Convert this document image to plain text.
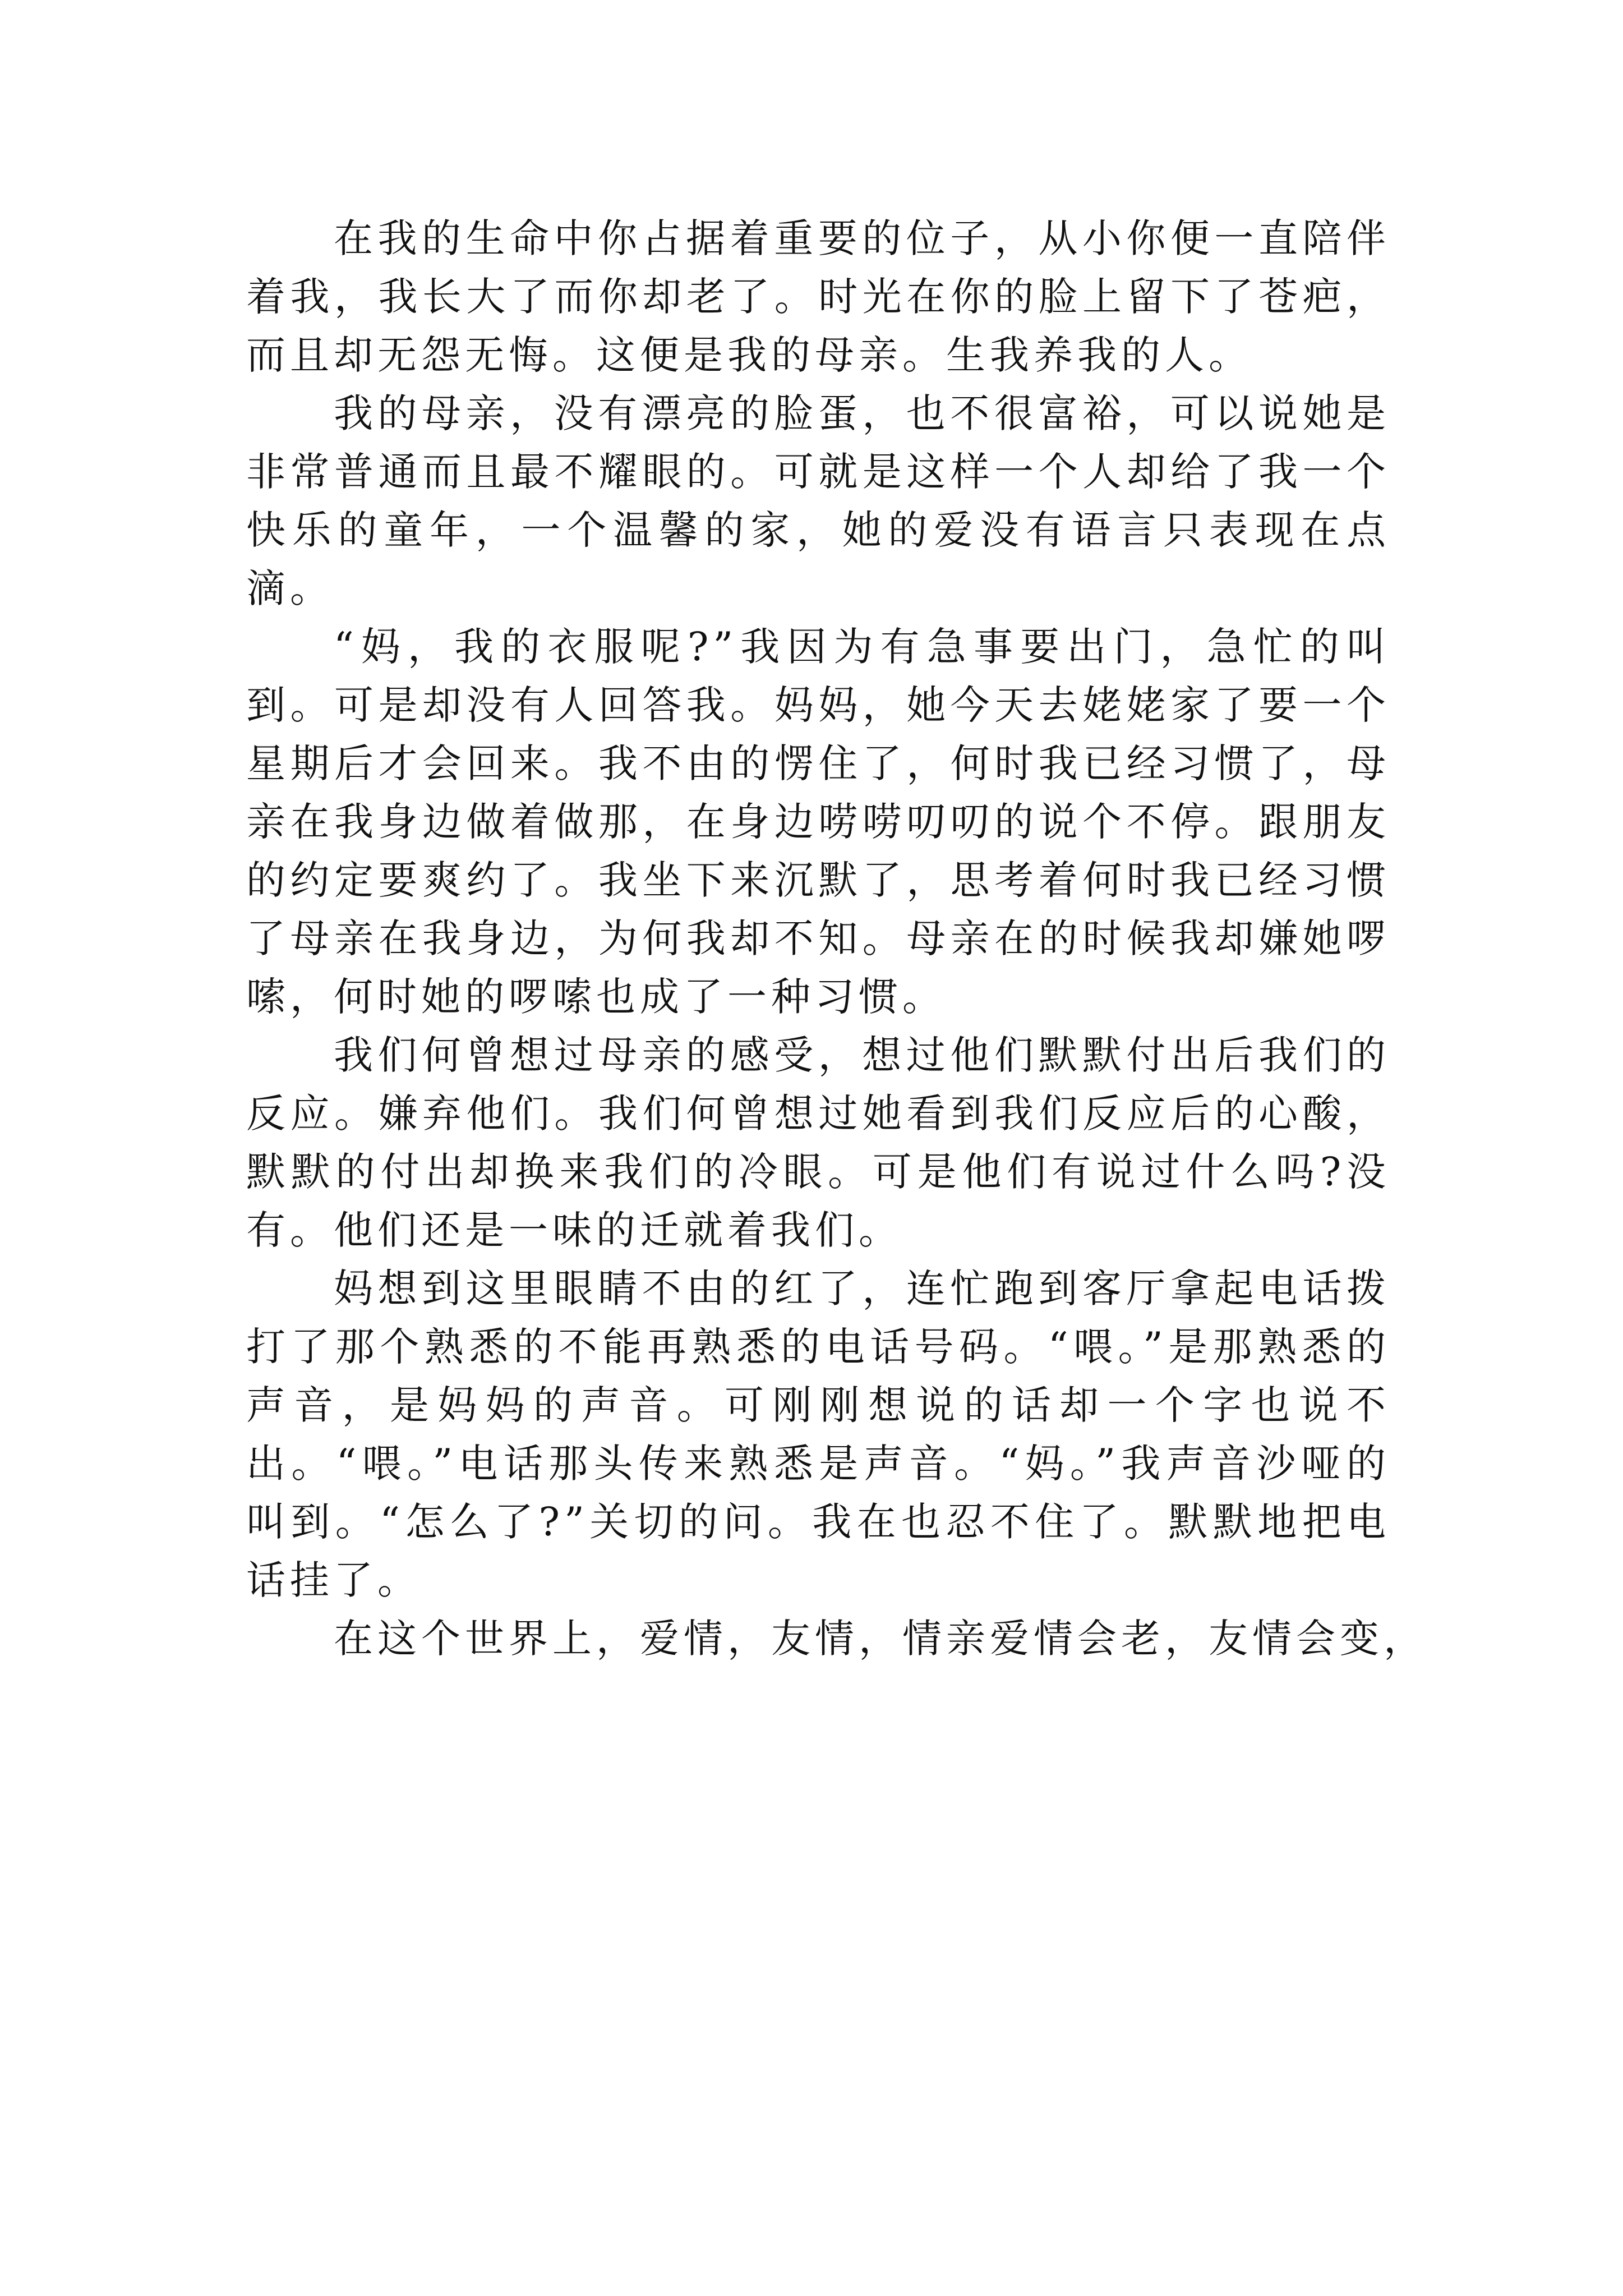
在我的生命中你占据着重要的位子，从小你便一直陪伴着我，我长大了而你却老了。时光在你的脸上留下了苍疤，而且却无怨无悔。这便是我的母亲。生我养我的人。

我的母亲，没有漂亮的脸蛋，也不很富裕，可以说她是非常普通而且最不耀眼的。可就是这样一个人却给了我一个快乐的童年，一个温馨的家，她的爱没有语言只表现在点滴。

“妈，我的衣服呢?”我因为有急事要出门，急忙的叫到。可是却没有人回答我。妈妈，她今天去姥姥家了要一个星期后才会回来。我不由的愣住了，何时我已经习惯了，母亲在我身边做着做那，在身边唠唠叨叨的说个不停。跟朋友的约定要爽约了。我坐下来沉默了，思考着何时我已经习惯了母亲在我身边，为何我却不知。母亲在的时候我却嫌她啰嗦，何时她的啰嗦也成了一种习惯。

我们何曾想过母亲的感受，想过他们默默付出后我们的反应。嫌弃他们。我们何曾想过她看到我们反应后的心酸，默默的付出却换来我们的冷眼。可是他们有说过什么吗?没有。他们还是一味的迁就着我们。

妈想到这里眼睛不由的红了，连忙跑到客厅拿起电话拨打了那个熟悉的不能再熟悉的电话号码。“喂。”是那熟悉的声音，是妈妈的声音。可刚刚想说的话却一个字也说不出。“喂。”电话那头传来熟悉是声音。“妈。”我声音沙哑的叫到。“怎么了?”关切的问。我在也忍不住了。默默地把电话挂了。

在这个世界上，爱情，友情，情亲爱情会老，友情会变，
